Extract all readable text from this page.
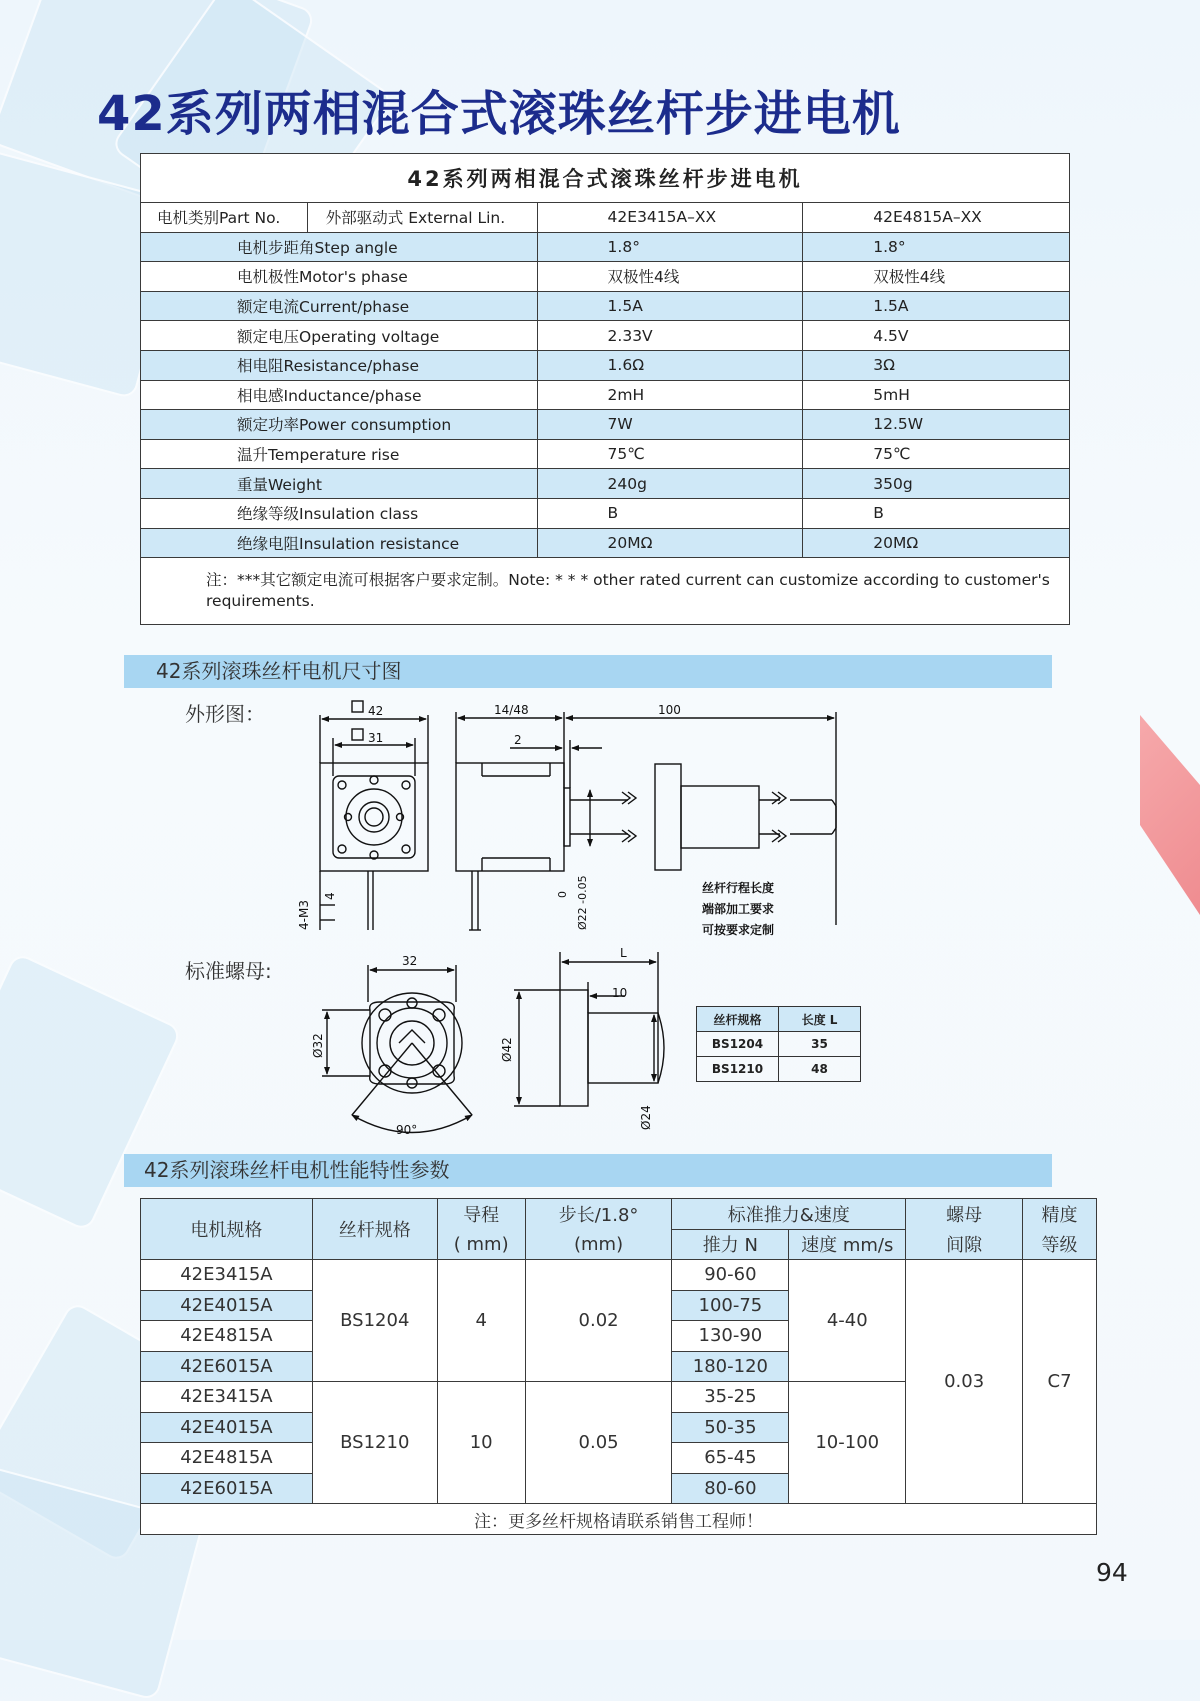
42系列两相混合式滚珠丝杆步进电机
42系列两相混合式滚珠丝杆步进电机			
电机类别Part No.	外部驱动式 External Lin.	42E3415A–XX	42E4815A–XX
电机步距角Step angle		1.8°	1.8°
电机极性Motor's phase		双极性4线	双极性4线
额定电流Current/phase		1.5A	1.5A
额定电压Operating voltage		2.33V	4.5V
相电阻Resistance/phase		1.6Ω	3Ω
相电感Inductance/phase		2mH	5mH
额定功率Power consumption		7W	12.5W
温升Temperature rise		75℃	75℃
重量Weight		240g	350g
绝缘等级Insulation class		B	B
绝缘电阻Insulation resistance		20MΩ	20MΩ
注：***其它额定电流可根据客户要求定制。Note: * * * other rated current can customize according to customer's requirements.			
42系列滚珠丝杆电机尺寸图
外形图：
标准螺母:
42
31
14/48	100
2
4-M3
4	0 Ø22 -0.05	丝杆行程长度
端部加工要求
可按要求定制
32
L
10
Ø32	Ø42
Ø24
90°
丝杆规格	长度 L
BS1204	35
BS1210	48
42系列滚珠丝杆电机性能特性参数
电机规格	丝杆规格	导程	步长/1.8°	标准推力&速度		螺母	精度
		( mm)	(mm)	推力 N	速度 mm/s	间隙	等级
42E3415A	BS1204	4	0.02	90-60	4-40	0.03	C7
42E4015A				100-75			
42E4815A				130-90			
42E6015A				180-120			
42E3415A	BS1210	10	0.05	35-25	10-100		
42E4015A				50-35			
42E4815A				65-45			
42E6015A				80-60			
注：更多丝杆规格请联系销售工程师！							
94
